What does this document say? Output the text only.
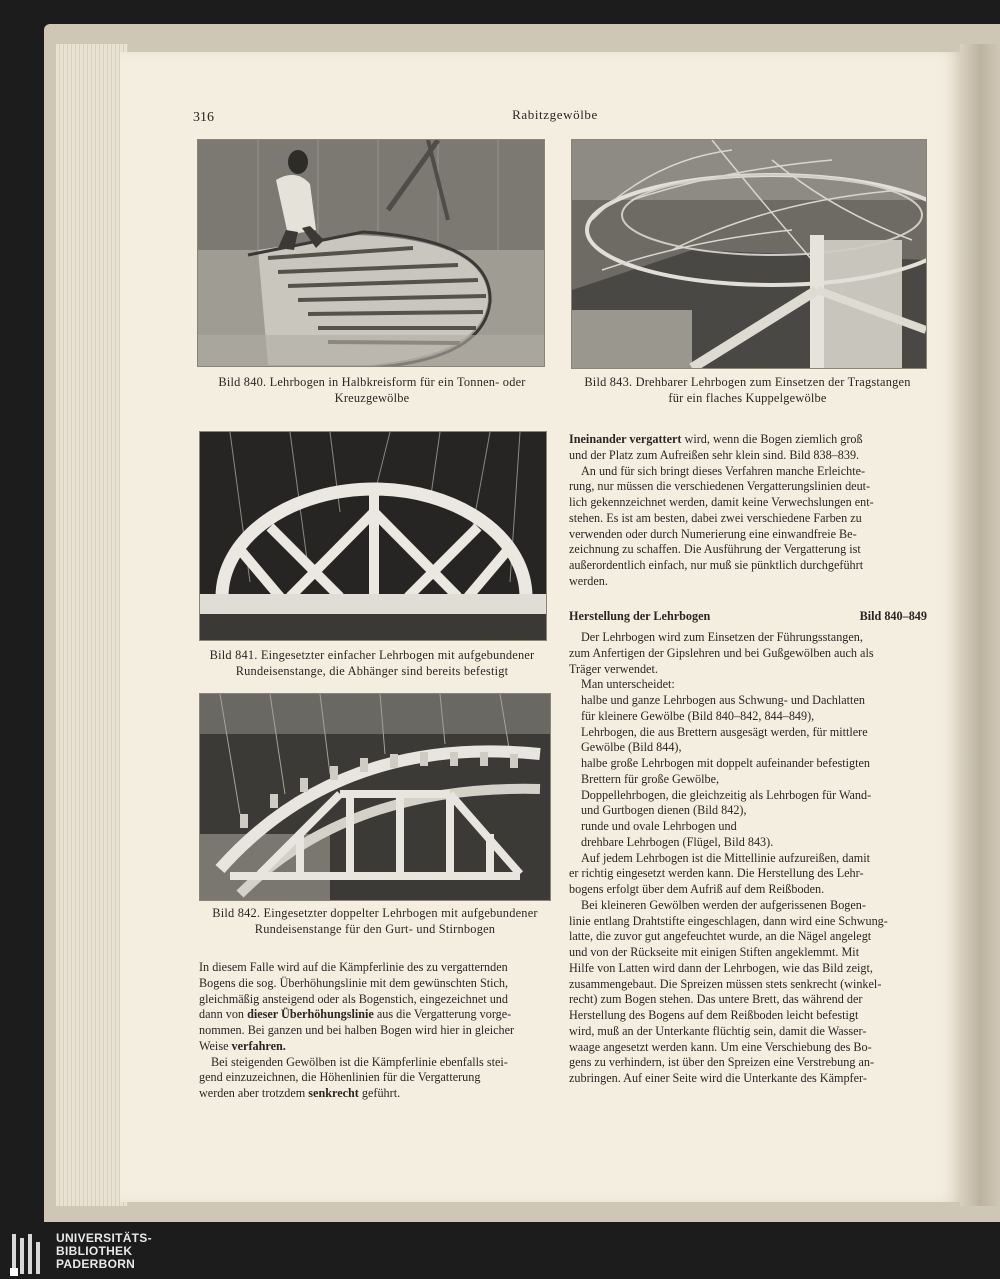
316	Rabitzgewölbe
Bild 840. Lehrbogen in Halbkreisform für ein Tonnen- oder
Kreuzgewölbe
Bild 843. Drehbarer Lehrbogen zum Einsetzen der Tragstangen
für ein flaches Kuppelgewölbe
Bild 841. Eingesetzter einfacher Lehrbogen mit aufgebundener
Rundeisenstange, die Abhänger sind bereits befestigt
Bild 842. Eingesetzter doppelter Lehrbogen mit aufgebundener
Rundeisenstange für den Gurt- und Stirnbogen
In diesem Falle wird auf die Kämpferlinie des zu vergatternden
Bogens die sog. Überhöhungslinie mit dem gewünschten Stich,
gleichmäßig ansteigend oder als Bogenstich, eingezeichnet und
dann von dieser Überhöhungslinie aus die Vergatterung vorge-
nommen. Bei ganzen und bei halben Bogen wird hier in gleicher
Weise verfahren.
Bei steigenden Gewölben ist die Kämpferlinie ebenfalls stei-
gend einzuzeichnen, die Höhenlinien für die Vergatterung
werden aber trotzdem senkrecht geführt.
Ineinander vergattert wird, wenn die Bogen ziemlich groß
und der Platz zum Aufreißen sehr klein sind. Bild 838–839.
An und für sich bringt dieses Verfahren manche Erleichte-
rung, nur müssen die verschiedenen Vergatterungslinien deut-
lich gekennzeichnet werden, damit keine Verwechslungen ent-
stehen. Es ist am besten, dabei zwei verschiedene Farben zu
verwenden oder durch Numerierung eine einwandfreie Be-
zeichnung zu schaffen. Die Ausführung der Vergatterung ist
außerordentlich einfach, nur muß sie pünktlich durchgeführt
werden.
Herstellung der Lehrbogen	Bild 840–849
Der Lehrbogen wird zum Einsetzen der Führungsstangen,
zum Anfertigen der Gipslehren und bei Gußgewölben auch als
Träger verwendet.
Man unterscheidet:
halbe und ganze Lehrbogen aus Schwung- und Dachlatten
für kleinere Gewölbe (Bild 840–842, 844–849),
Lehrbogen, die aus Brettern ausgesägt werden, für mittlere
Gewölbe (Bild 844),
halbe große Lehrbogen mit doppelt aufeinander befestigten
Brettern für große Gewölbe,
Doppellehrbogen, die gleichzeitig als Lehrbogen für Wand-
und Gurtbogen dienen (Bild 842),
runde und ovale Lehrbogen und
drehbare Lehrbogen (Flügel, Bild 843).
Auf jedem Lehrbogen ist die Mittellinie aufzureißen, damit
er richtig eingesetzt werden kann. Die Herstellung des Lehr-
bogens erfolgt über dem Aufriß auf dem Reißboden.
Bei kleineren Gewölben werden der aufgerissenen Bogen-
linie entlang Drahtstifte eingeschlagen, dann wird eine Schwung-
latte, die zuvor gut angefeuchtet wurde, an die Nägel angelegt
und von der Rückseite mit einigen Stiften angeklemmt. Mit
Hilfe von Latten wird dann der Lehrbogen, wie das Bild zeigt,
zusammengebaut. Die Spreizen müssen stets senkrecht (winkel-
recht) zum Bogen stehen. Das untere Brett, das während der
Herstellung des Bogens auf dem Reißboden leicht befestigt
wird, muß an der Unterkante flüchtig sein, damit die Wasser-
waage angesetzt werden kann. Um eine Verschiebung des Bo-
gens zu verhindern, ist über den Spreizen eine Verstrebung an-
zubringen. Auf einer Seite wird die Unterkante des Kämpfer-
UNIVERSITÄTS-
BIBLIOTHEK
PADERBORN
